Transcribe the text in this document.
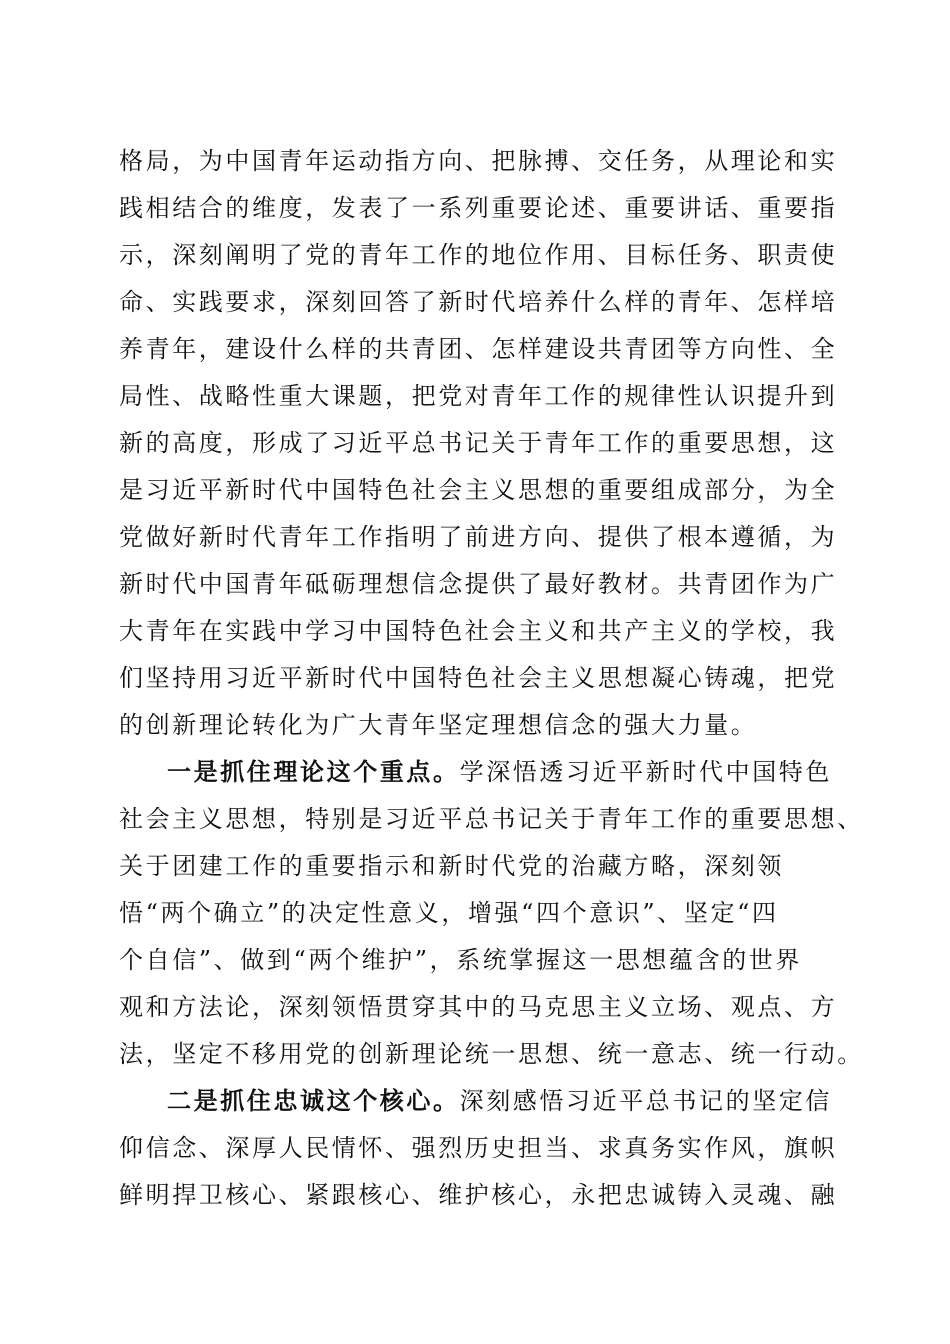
格局，为中国青年运动指方向、把脉搏、交任务，从理论和实
践相结合的维度，发表了一系列重要论述、重要讲话、重要指
示，深刻阐明了党的青年工作的地位作用、目标任务、职责使
命、实践要求，深刻回答了新时代培养什么样的青年、怎样培
养青年，建设什么样的共青团、怎样建设共青团等方向性、全
局性、战略性重大课题，把党对青年工作的规律性认识提升到
新的高度，形成了习近平总书记关于青年工作的重要思想，这
是习近平新时代中国特色社会主义思想的重要组成部分，为全
党做好新时代青年工作指明了前进方向、提供了根本遵循，为
新时代中国青年砥砺理想信念提供了最好教材。共青团作为广
大青年在实践中学习中国特色社会主义和共产主义的学校，我
们坚持用习近平新时代中国特色社会主义思想凝心铸魂，把党
的创新理论转化为广大青年坚定理想信念的强大力量。
一是抓住理论这个重点。学深悟透习近平新时代中国特色
社会主义思想，特别是习近平总书记关于青年工作的重要思想、
关于团建工作的重要指示和新时代党的治藏方略，深刻领
悟“两个确立”的决定性意义，增强“四个意识”、坚定“四
个自信”、做到“两个维护”，系统掌握这一思想蕴含的世界
观和方法论，深刻领悟贯穿其中的马克思主义立场、观点、方
法，坚定不移用党的创新理论统一思想、统一意志、统一行动。
二是抓住忠诚这个核心。深刻感悟习近平总书记的坚定信
仰信念、深厚人民情怀、强烈历史担当、求真务实作风，旗帜
鲜明捍卫核心、紧跟核心、维护核心，永把忠诚铸入灵魂、融
